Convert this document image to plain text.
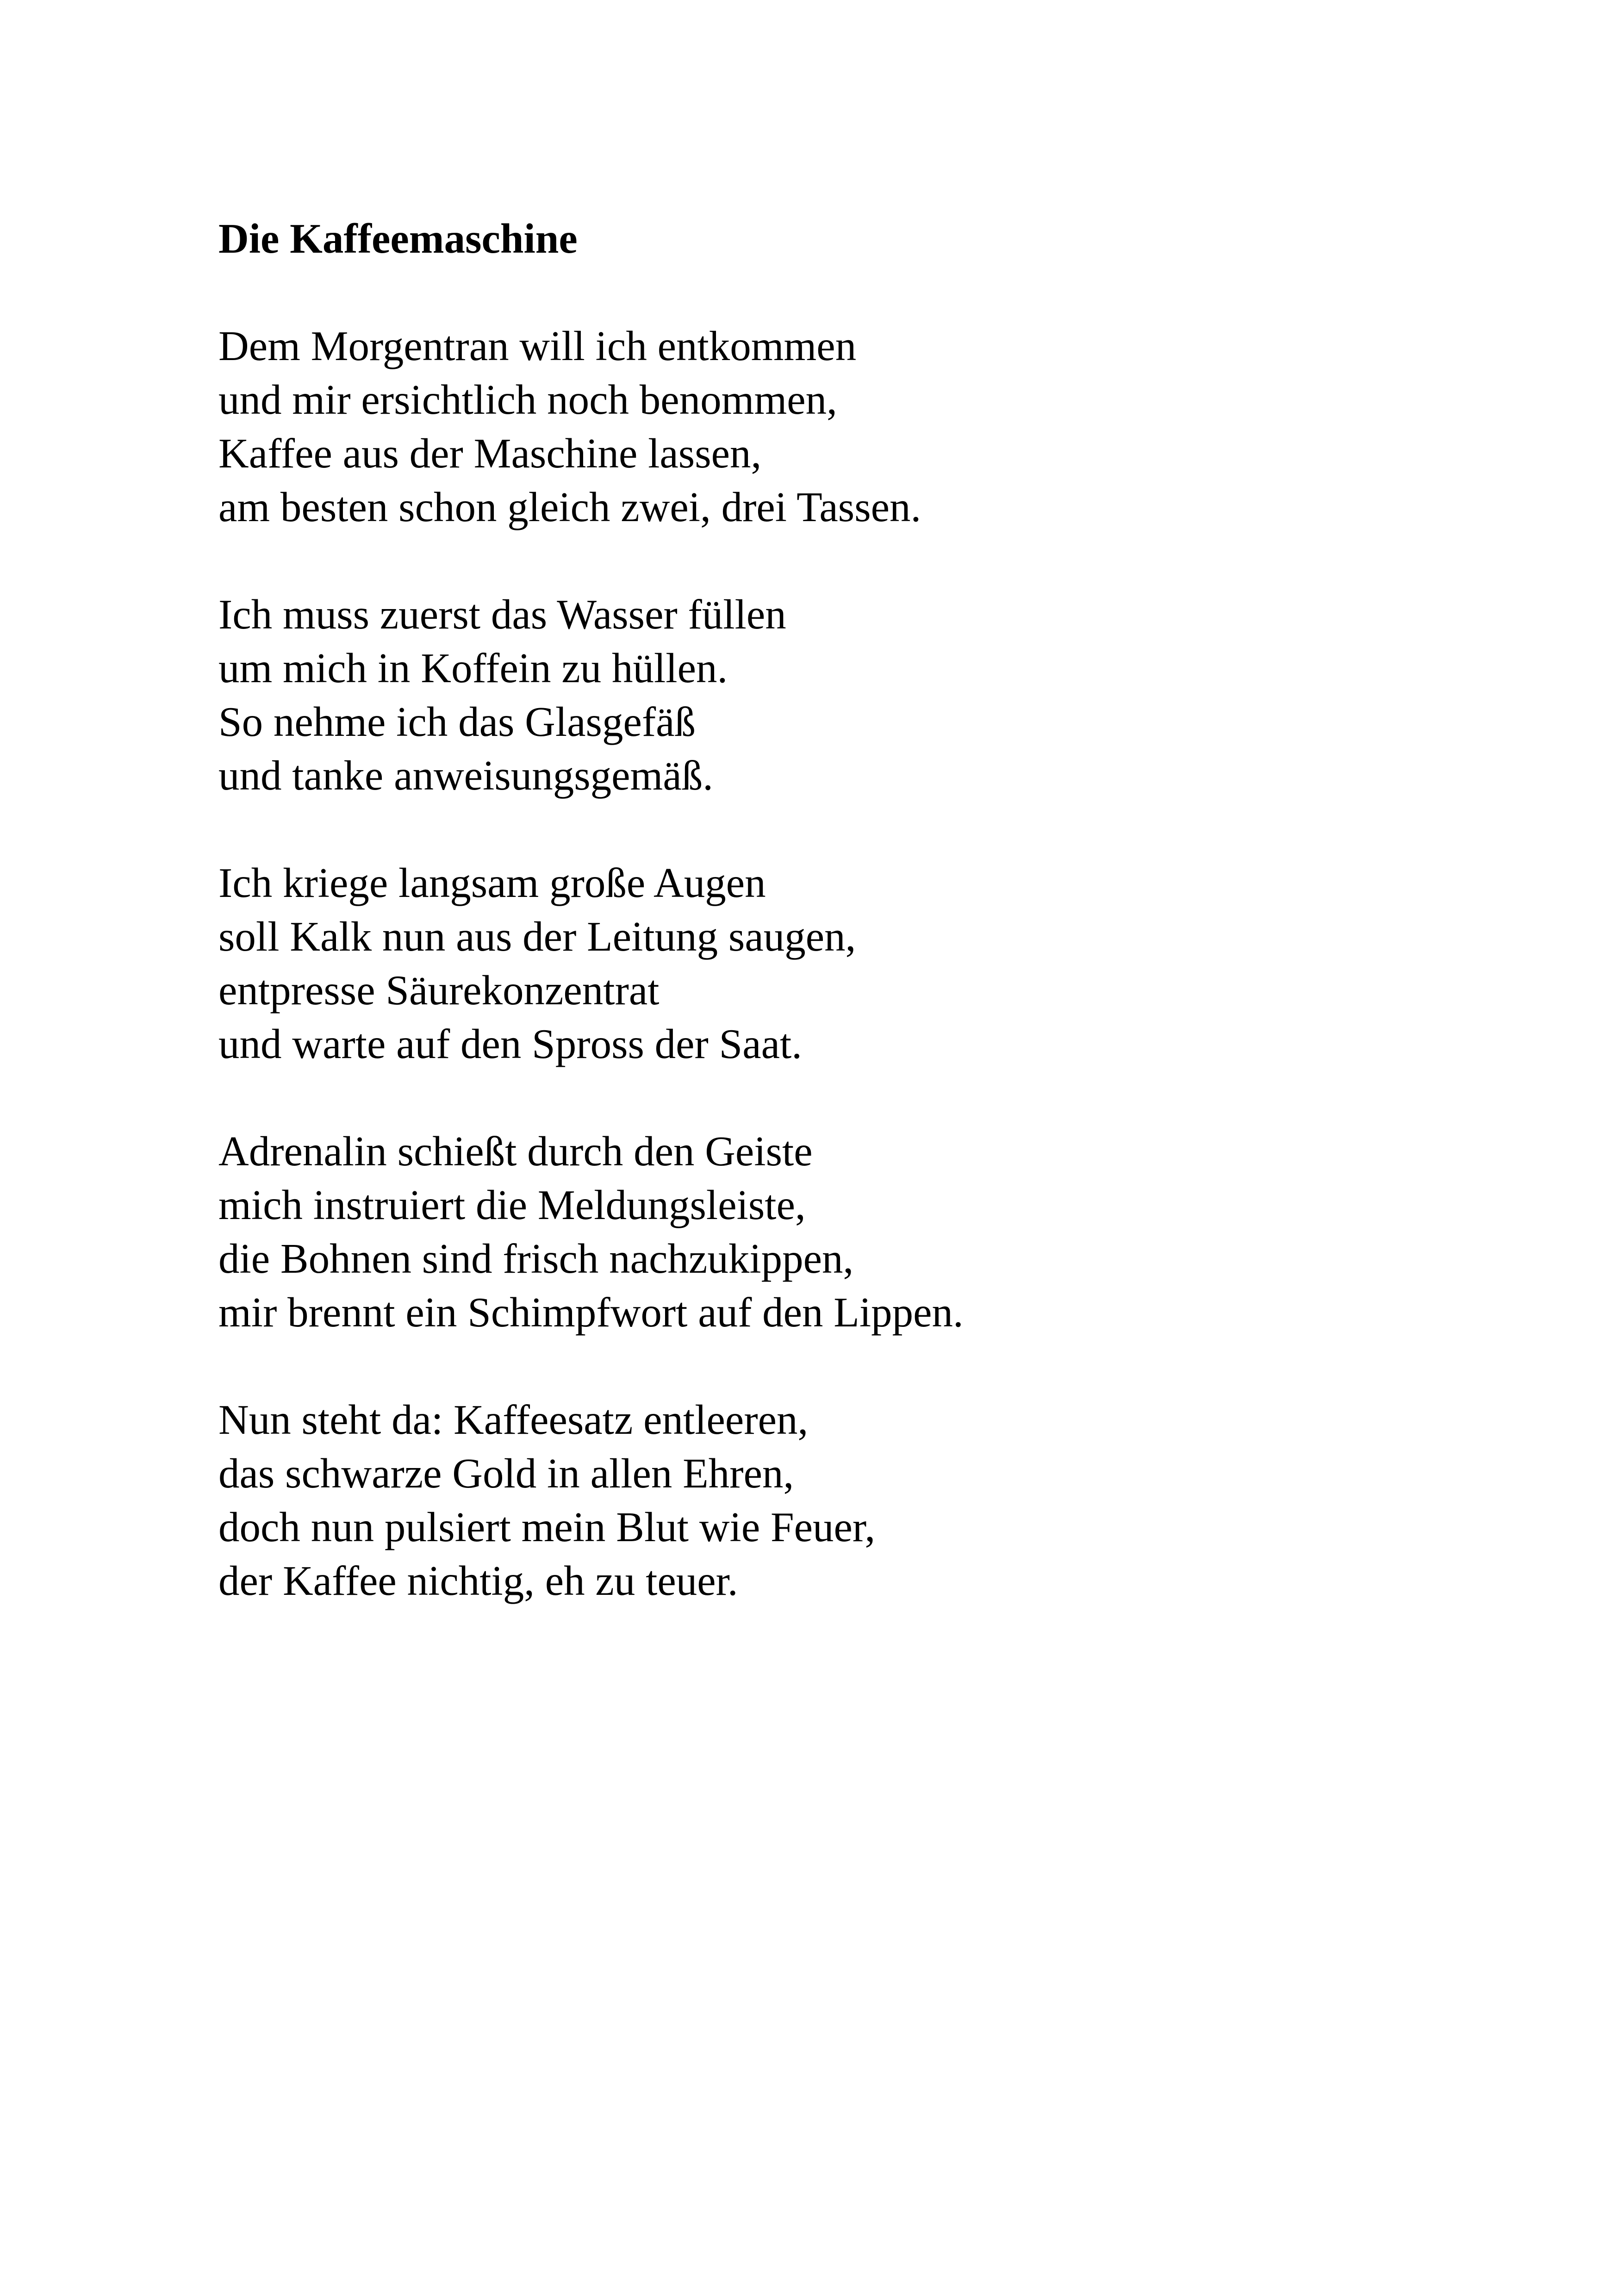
Die Kaffeemaschine
Dem Morgentran will ich entkommen
und mir ersichtlich noch benommen,
Kaffee aus der Maschine lassen,
am besten schon gleich zwei, drei Tassen.
Ich muss zuerst das Wasser füllen
um mich in Koffein zu hüllen.
So nehme ich das Glasgefäß
und tanke anweisungsgemäß.
Ich kriege langsam große Augen
soll Kalk nun aus der Leitung saugen,
entpresse Säurekonzentrat
und warte auf den Spross der Saat.
Adrenalin schießt durch den Geiste
mich instruiert die Meldungsleiste,
die Bohnen sind frisch nachzukippen,
mir brennt ein Schimpfwort auf den Lippen.
Nun steht da: Kaffeesatz entleeren,
das schwarze Gold in allen Ehren,
doch nun pulsiert mein Blut wie Feuer,
der Kaffee nichtig, eh zu teuer.
